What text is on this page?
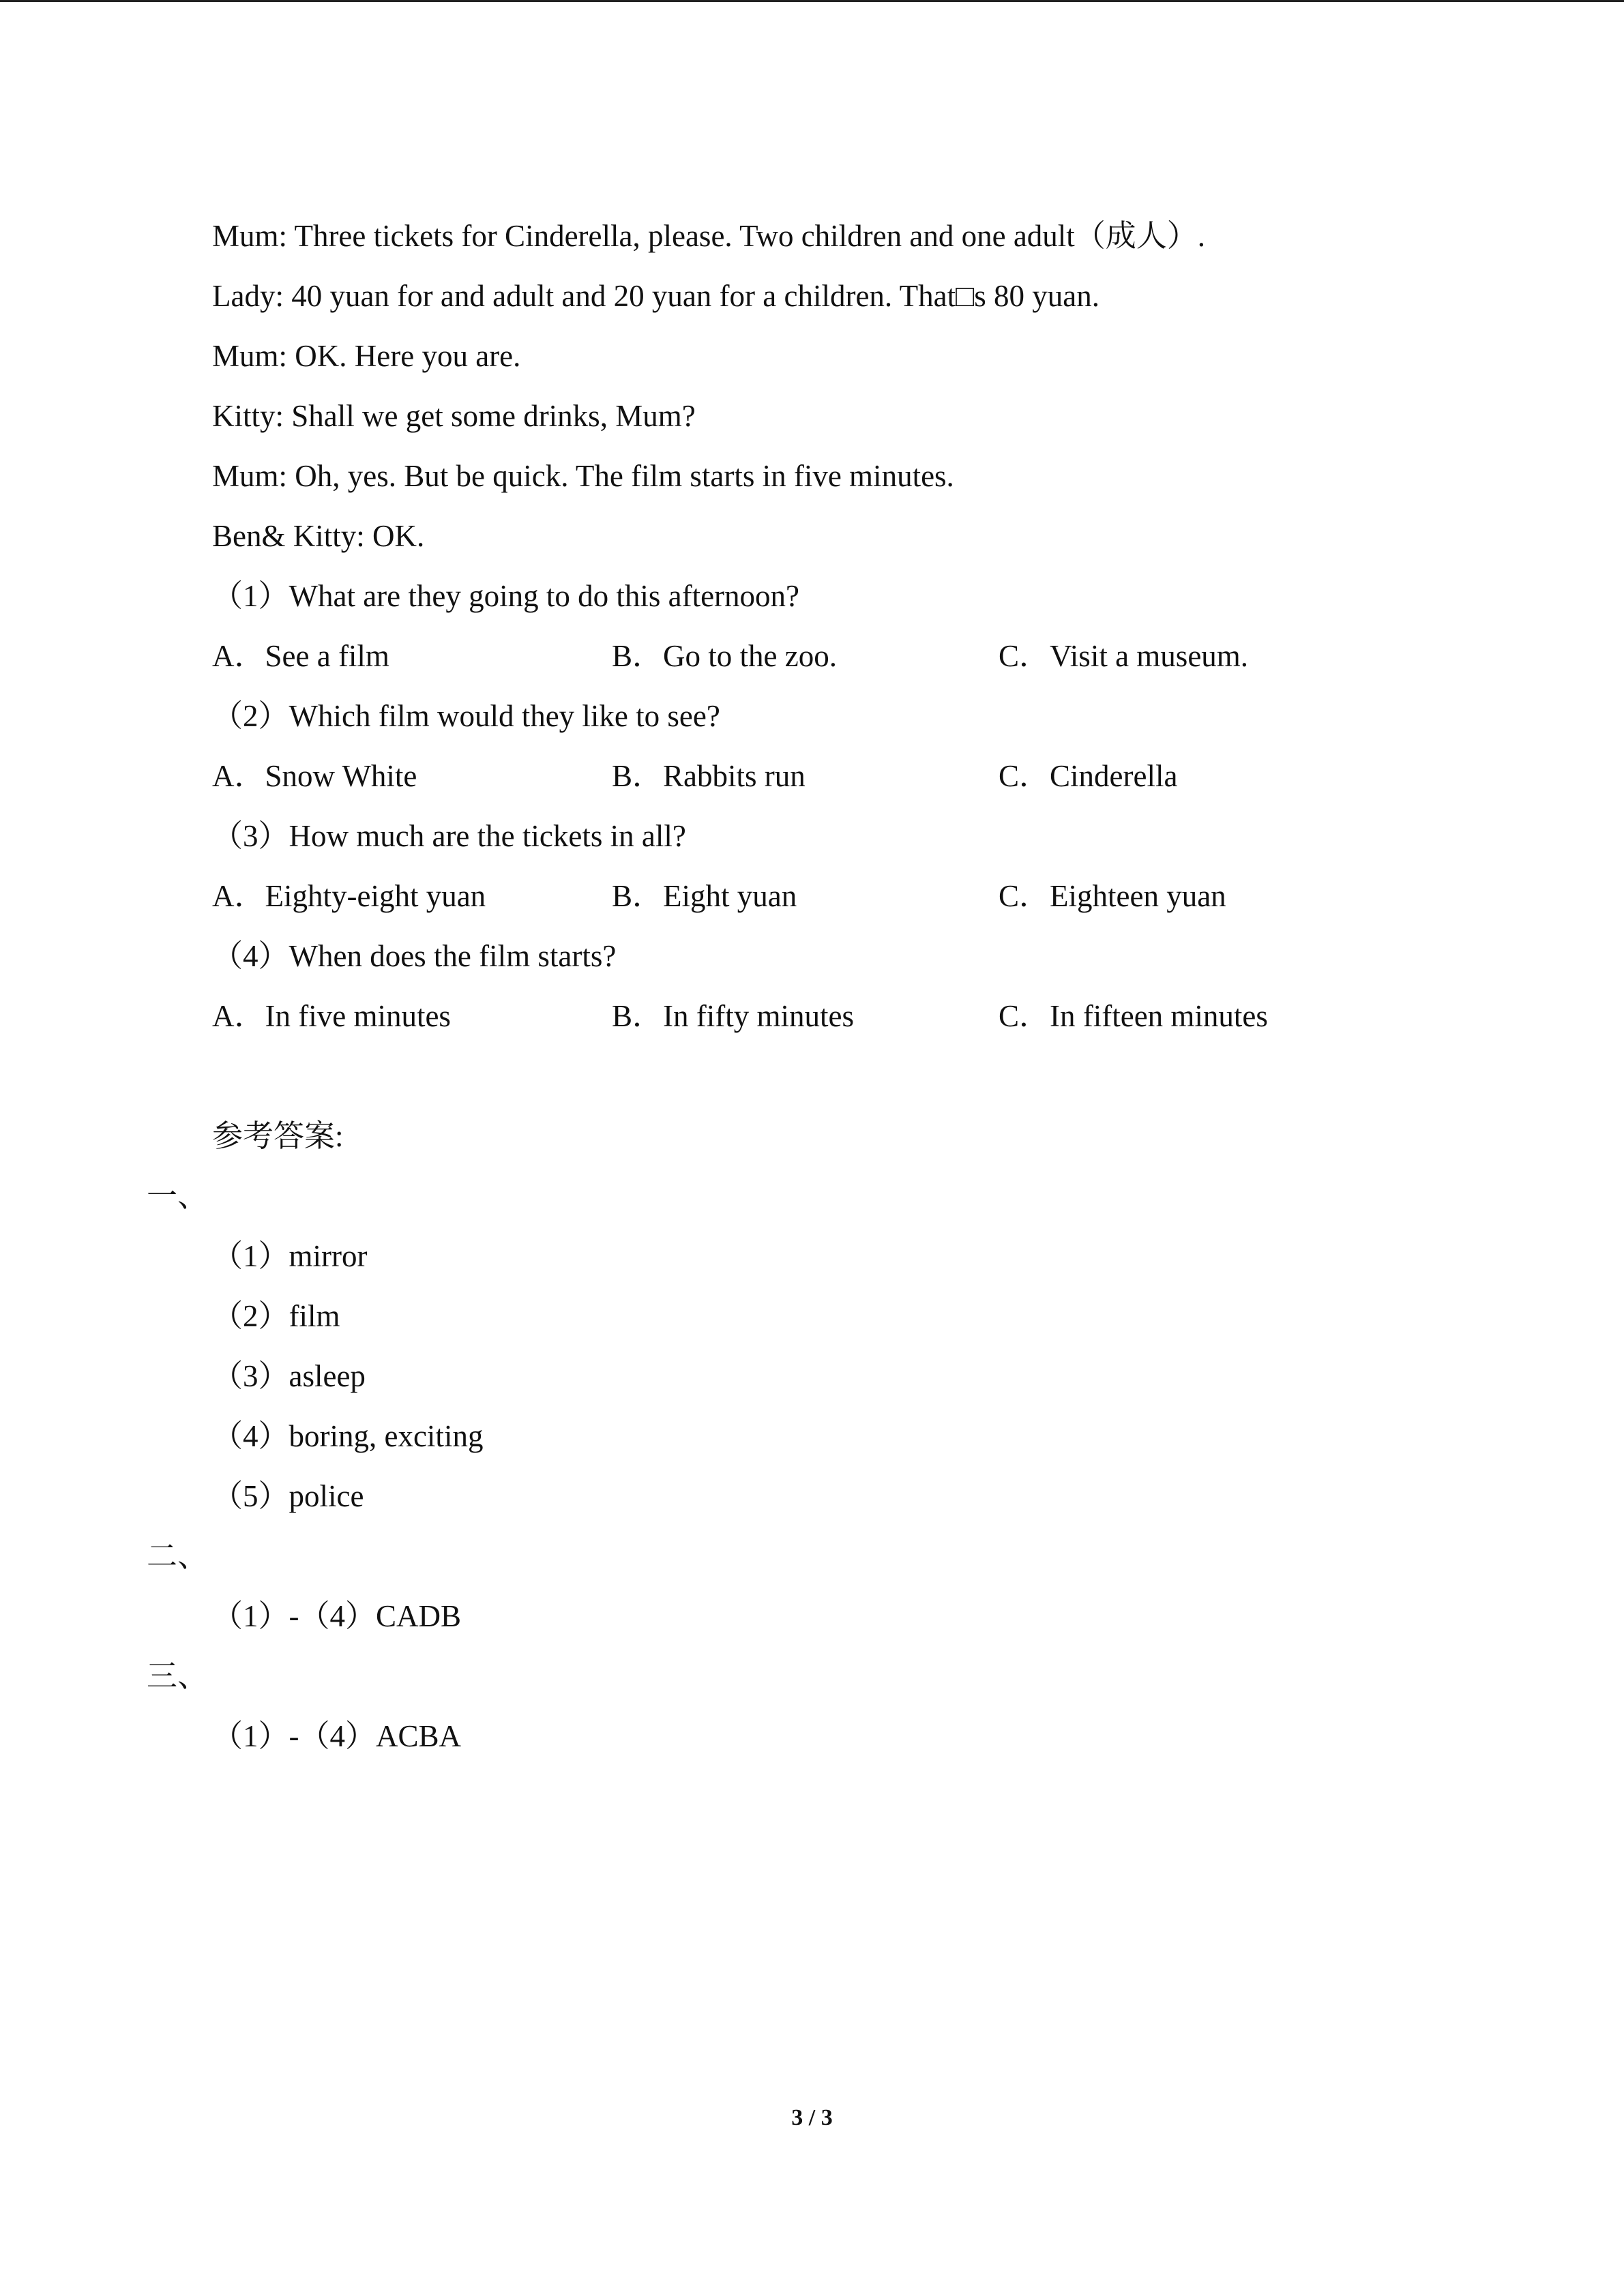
Mum: Three tickets for Cinderella, please. Two children and one adult（成人）.
Lady: 40 yuan for and adult and 20 yuan for a children. That□s 80 yuan.
Mum: OK. Here you are.
Kitty: Shall we get some drinks, Mum?
Mum: Oh, yes. But be quick. The film starts in five minutes.
Ben& Kitty: OK.
（1）What are they going to do this afternoon?
A．See a film	B．Go to the zoo.	C．Visit a museum.
（2）Which film would they like to see?
A．Snow White	B．Rabbits run	C．Cinderella
（3）How much are the tickets in all?
A．Eighty-eight yuan	B．Eight yuan	C．Eighteen yuan
（4）When does the film starts?
A．In five minutes	B．In fifty minutes	C．In fifteen minutes
参考答案:
一、
（1）mirror
（2）film
（3）asleep
（4）boring, exciting
（5）police
二、
（1）-（4）CADB
三、
（1）-（4）ACBA
3 / 3
